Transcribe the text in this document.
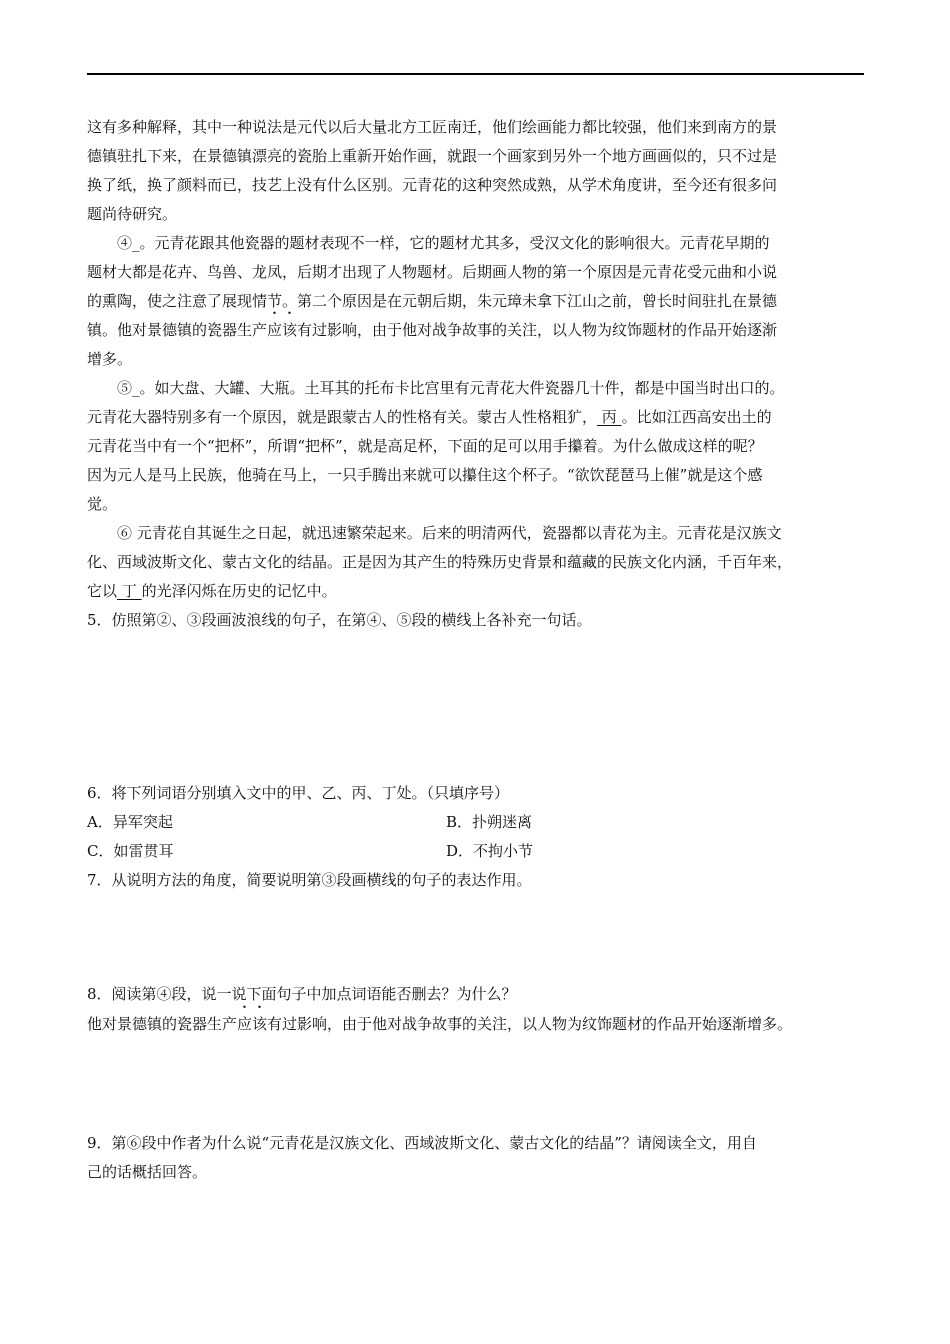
这有多种解释，其中一种说法是元代以后大量北方工匠南迁，他们绘画能力都比较强，他们来到南方的景
德镇驻扎下来，在景德镇漂亮的瓷胎上重新开始作画，就跟一个画家到另外一个地方画画似的，只不过是
换了纸，换了颜料而已，技艺上没有什么区别。元青花的这种突然成熟，从学术角度讲，至今还有很多问
题尚待研究。
④_。元青花跟其他瓷器的题材表现不一样，它的题材尤其多，受汉文化的影响很大。元青花早期的
题材大都是花卉、鸟兽、龙凤，后期才出现了人物题材。后期画人物的第一个原因是元青花受元曲和小说
的熏陶，使之注意了展现情节。第二个原因是在元朝后期，朱元璋未拿下江山之前，曾长时间驻扎在景德
镇。他对景德镇的瓷器生产应该有过影响，由于他对战争故事的关注，以人物为纹饰题材的作品开始逐渐
增多。
⑤_。如大盘、大罐、大瓶。土耳其的托布卡比宫里有元青花大件瓷器几十件，都是中国当时出口的。
元青花大器特别多有一个原因，就是跟蒙古人的性格有关。蒙古人性格粗犷， 丙 。比如江西高安出土的
元青花当中有一个“把杯”，所谓“把杯”，就是高足杯，下面的足可以用手攥着。为什么做成这样的呢？
因为元人是马上民族，他骑在马上，一只手腾出来就可以攥住这个杯子。“欲饮琵琶马上催”就是这个感
觉。
⑥ 元青花自其诞生之日起，就迅速繁荣起来。后来的明清两代，瓷器都以青花为主。元青花是汉族文
化、西域波斯文化、蒙古文化的结晶。正是因为其产生的特殊历史背景和蕴藏的民族文化内涵，千百年来，
它以 丁 的光泽闪烁在历史的记忆中。
5．仿照第②、③段画波浪线的句子，在第④、⑤段的横线上各补充一句话。
6．将下列词语分别填入文中的甲、乙、丙、丁处。（只填序号）
A．异军突起	B．扑朔迷离
C．如雷贯耳	D．不拘小节
7．从说明方法的角度，简要说明第③段画横线的句子的表达作用。
8．阅读第④段，说一说下面句子中加点词语能否删去？为什么？
他对景德镇的瓷器生产应该有过影响，由于他对战争故事的关注，以人物为纹饰题材的作品开始逐渐增多。
9．第⑥段中作者为什么说“元青花是汉族文化、西域波斯文化、蒙古文化的结晶”？请阅读全文，用自
己的话概括回答。
